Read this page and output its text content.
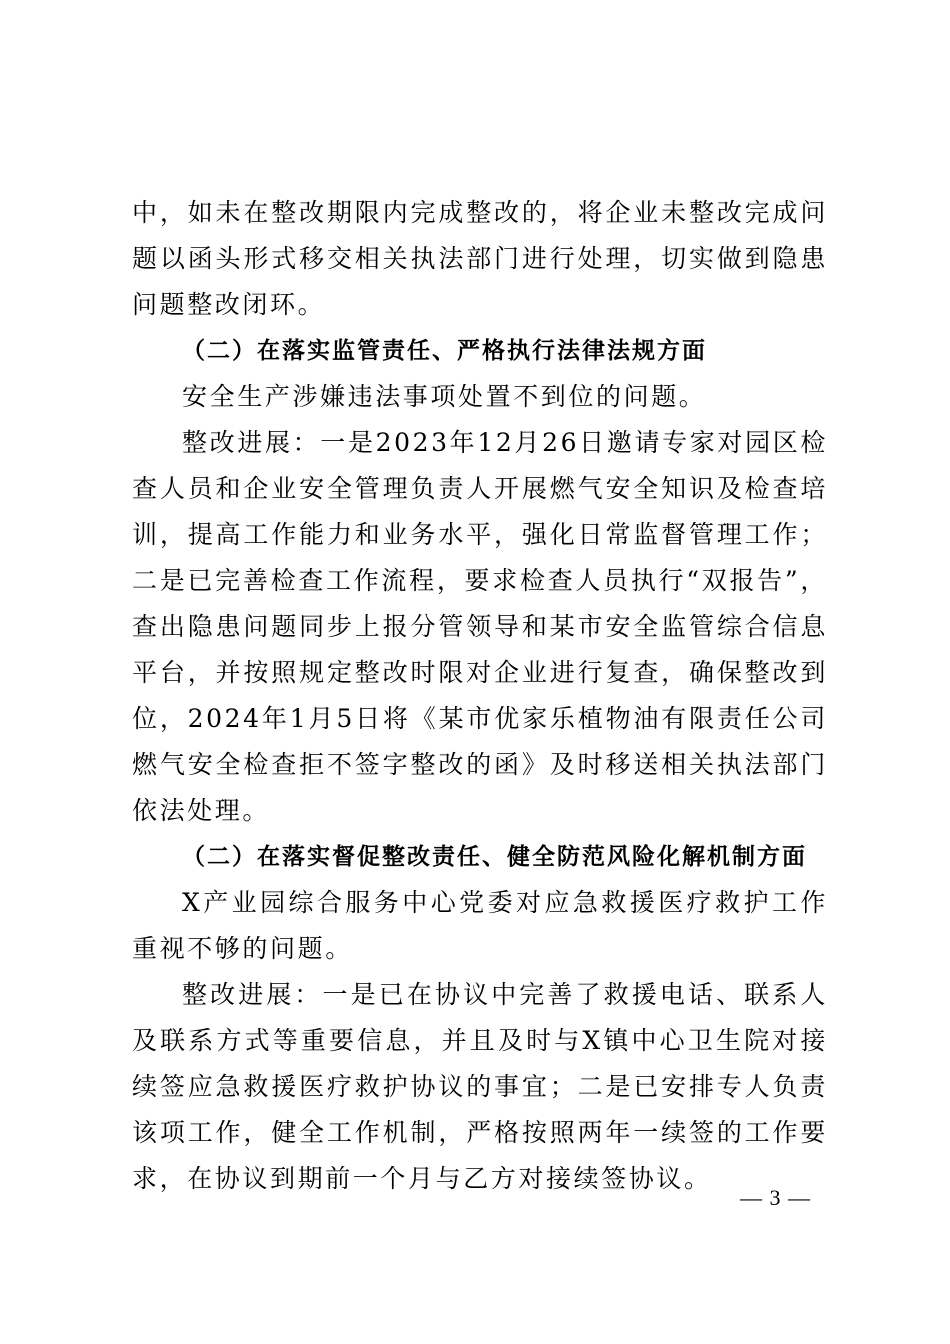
中，如未在整改期限内完成整改的，将企业未整改完成问题以函头形式移交相关执法部门进行处理，切实做到隐患问题整改闭环。

（二）在落实监管责任、严格执行法律法规方面

安全生产涉嫌违法事项处置不到位的问题。

整改进展：一是2023年12月26日邀请专家对园区检查人员和企业安全管理负责人开展燃气安全知识及检查培训，提高工作能力和业务水平，强化日常监督管理工作；二是已完善检查工作流程，要求检查人员执行“双报告”，查出隐患问题同步上报分管领导和某市安全监管综合信息平台，并按照规定整改时限对企业进行复查，确保整改到位，2024年1月5日将《某市优家乐植物油有限责任公司燃气安全检查拒不签字整改的函》及时移送相关执法部门依法处理。

（二）在落实督促整改责任、健全防范风险化解机制方面

X产业园综合服务中心党委对应急救援医疗救护工作重视不够的问题。

整改进展：一是已在协议中完善了救援电话、联系人及联系方式等重要信息，并且及时与X镇中心卫生院对接续签应急救援医疗救护协议的事宜；二是已安排专人负责该项工作，健全工作机制，严格按照两年一续签的工作要求，在协议到期前一个月与乙方对接续签协议。

— 3 —
